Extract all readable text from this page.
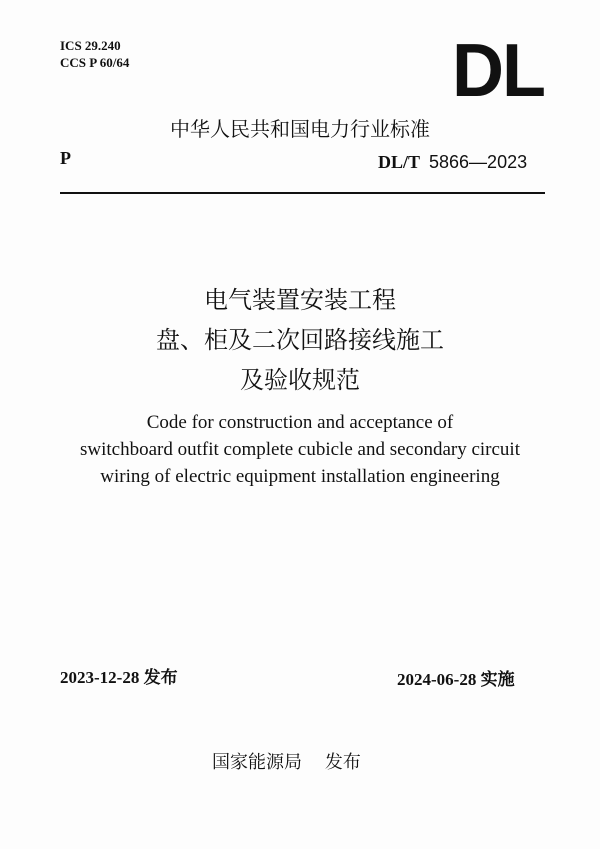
ICS 29.240
CCS P 60/64	DL
中华人民共和国电力行业标准
P	DL/T 5866—2023
电气装置安装工程
盘、柜及二次回路接线施工
及验收规范
Code for construction and acceptance of
switchboard outfit complete cubicle and secondary circuit
wiring of electric equipment installation engineering
2023-12-28 发布	2024-06-28 实施
国家能源局 发布
